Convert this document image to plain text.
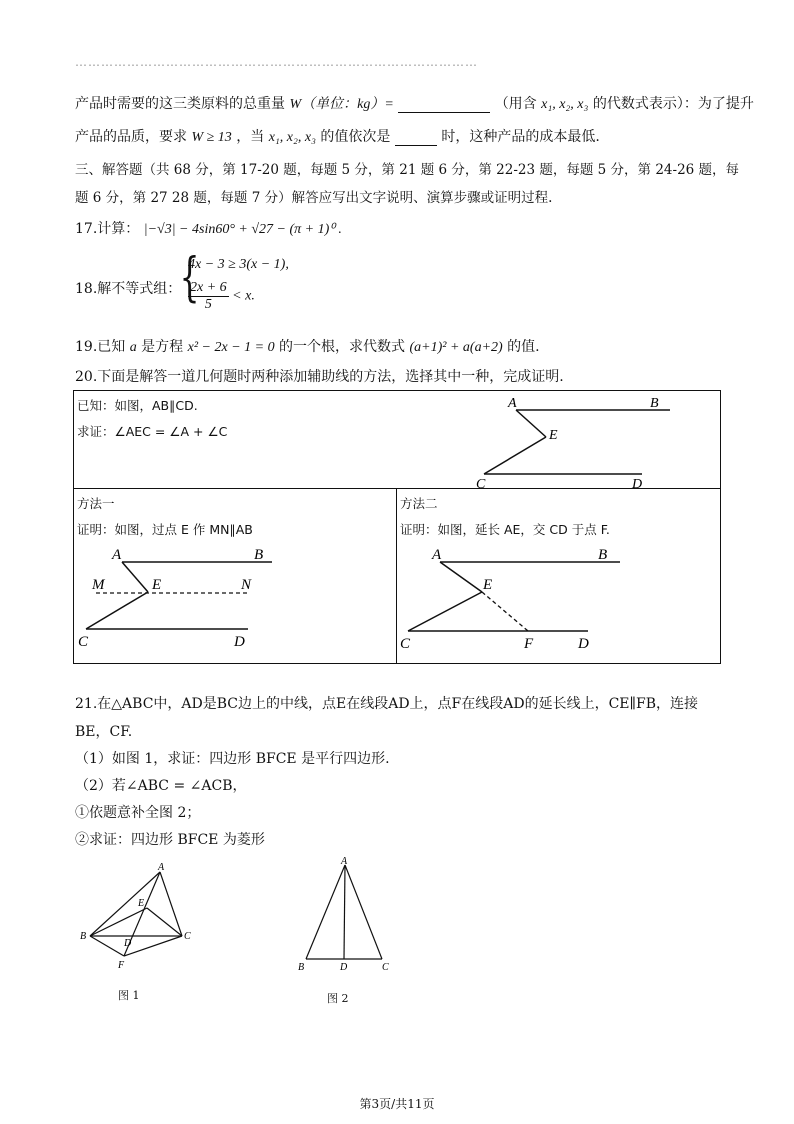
⋯⋯⋯⋯⋯⋯⋯⋯⋯⋯⋯⋯⋯⋯⋯⋯⋯⋯⋯⋯⋯⋯⋯⋯⋯⋯⋯⋯⋯⋯⋯
产品时需要的这三类原料的总重量 W（单位：kg）=	（用含 x₁, x₂, x₃ 的代数式表示）：为了提升
产品的品质，要求 W ≥ 13 ，当 x₁, x₂, x₃ 的值依次是	时，这种产品的成本最低.
三、解答题（共 68 分，第 17-20 题，每题 5 分，第 21 题 6 分，第 22-23 题，每题 5 分，第 24-26 题，每
题 6 分，第 27 28 题，每题 7 分）解答应写出文字说明、演算步骤或证明过程.
17.计算： |−√3| − 4sin60° + √27 − (π + 1)⁰ .
18.解不等式组：
{
4x − 3 ≥ 3(x − 1),
$\frac{2x + 6}{5} < x$.
19.已知 a 是方程 x² − 2x − 1 = 0 的一个根，求代数式 (a+1)² + a(a+2) 的值.
20.下面是解答一道几何题时两种添加辅助线的方法，选择其中一种，完成证明.
已知：如图，AB∥CD.
求证：∠AEC = ∠A + ∠C
A	B
E
C	D
方法一
证明：如图，过点 E 作 MN∥AB
A	B
M	E	N
C	D
方法二
证明：如图，延长 AE，交 CD 于点 F.
A	B
E
C	F	D
21.在△ABC中，AD是BC边上的中线，点E在线段AD上，点F在线段AD的延长线上，CE∥FB，连接
BE，CF.
（1）如图 1，求证：四边形 BFCE 是平行四边形.
（2）若∠ABC = ∠ACB，
①依题意补全图 2；
②求证：四边形 BFCE 为菱形
A
B	C
E
D
F
图 1
A
B	D	C
图 2
第3页/共11页
